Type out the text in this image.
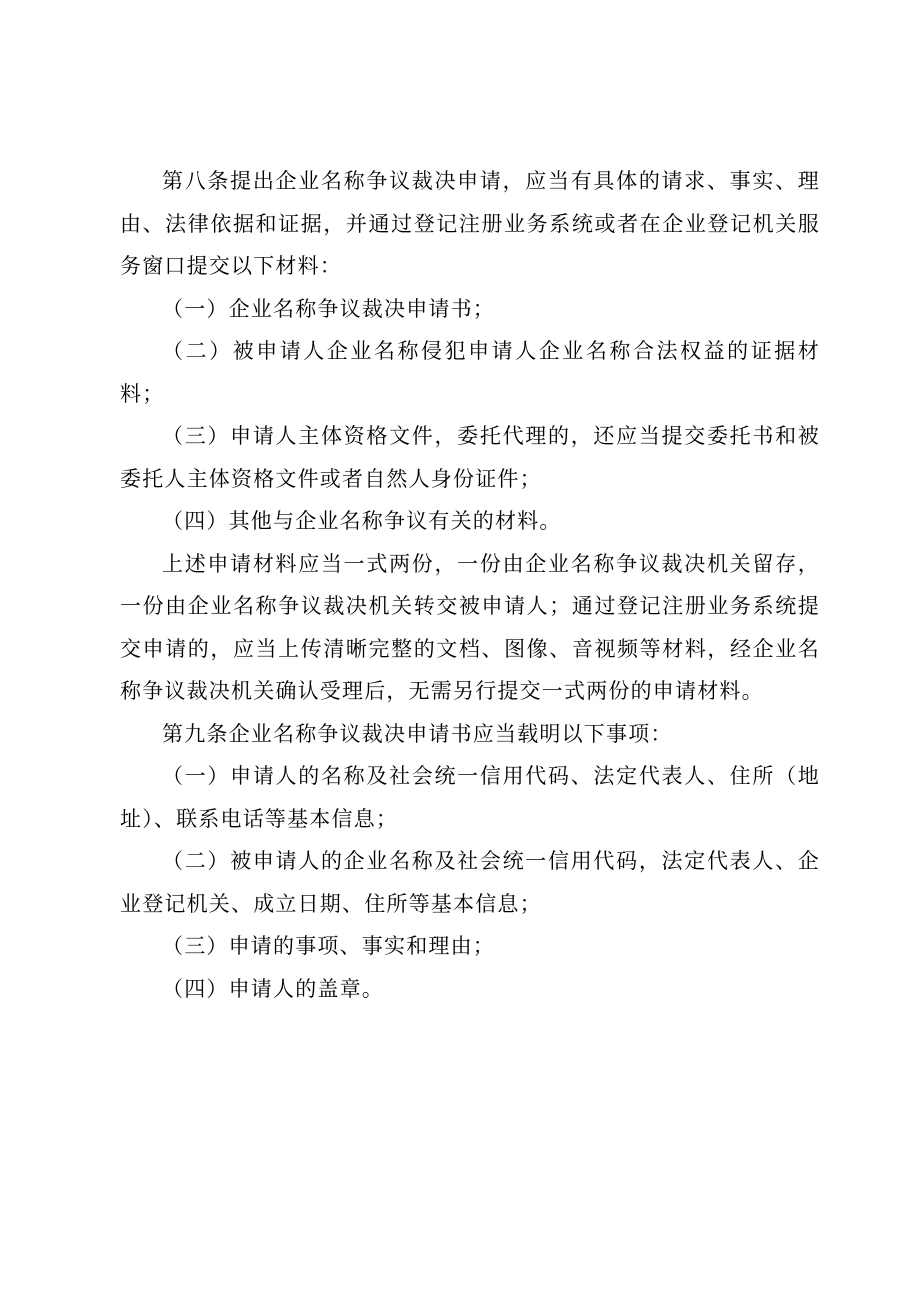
第八条提出企业名称争议裁决申请，应当有具体的请求、事实、理由、法律依据和证据，并通过登记注册业务系统或者在企业登记机关服务窗口提交以下材料：

（一）企业名称争议裁决申请书；

（二）被申请人企业名称侵犯申请人企业名称合法权益的证据材料；

（三）申请人主体资格文件，委托代理的，还应当提交委托书和被委托人主体资格文件或者自然人身份证件；

（四）其他与企业名称争议有关的材料。

上述申请材料应当一式两份，一份由企业名称争议裁决机关留存，一份由企业名称争议裁决机关转交被申请人；通过登记注册业务系统提交申请的，应当上传清晰完整的文档、图像、音视频等材料，经企业名称争议裁决机关确认受理后，无需另行提交一式两份的申请材料。

第九条企业名称争议裁决申请书应当载明以下事项：

（一）申请人的名称及社会统一信用代码、法定代表人、住所（地址）、联系电话等基本信息；

（二）被申请人的企业名称及社会统一信用代码，法定代表人、企业登记机关、成立日期、住所等基本信息；

（三）申请的事项、事实和理由；

（四）申请人的盖章。
